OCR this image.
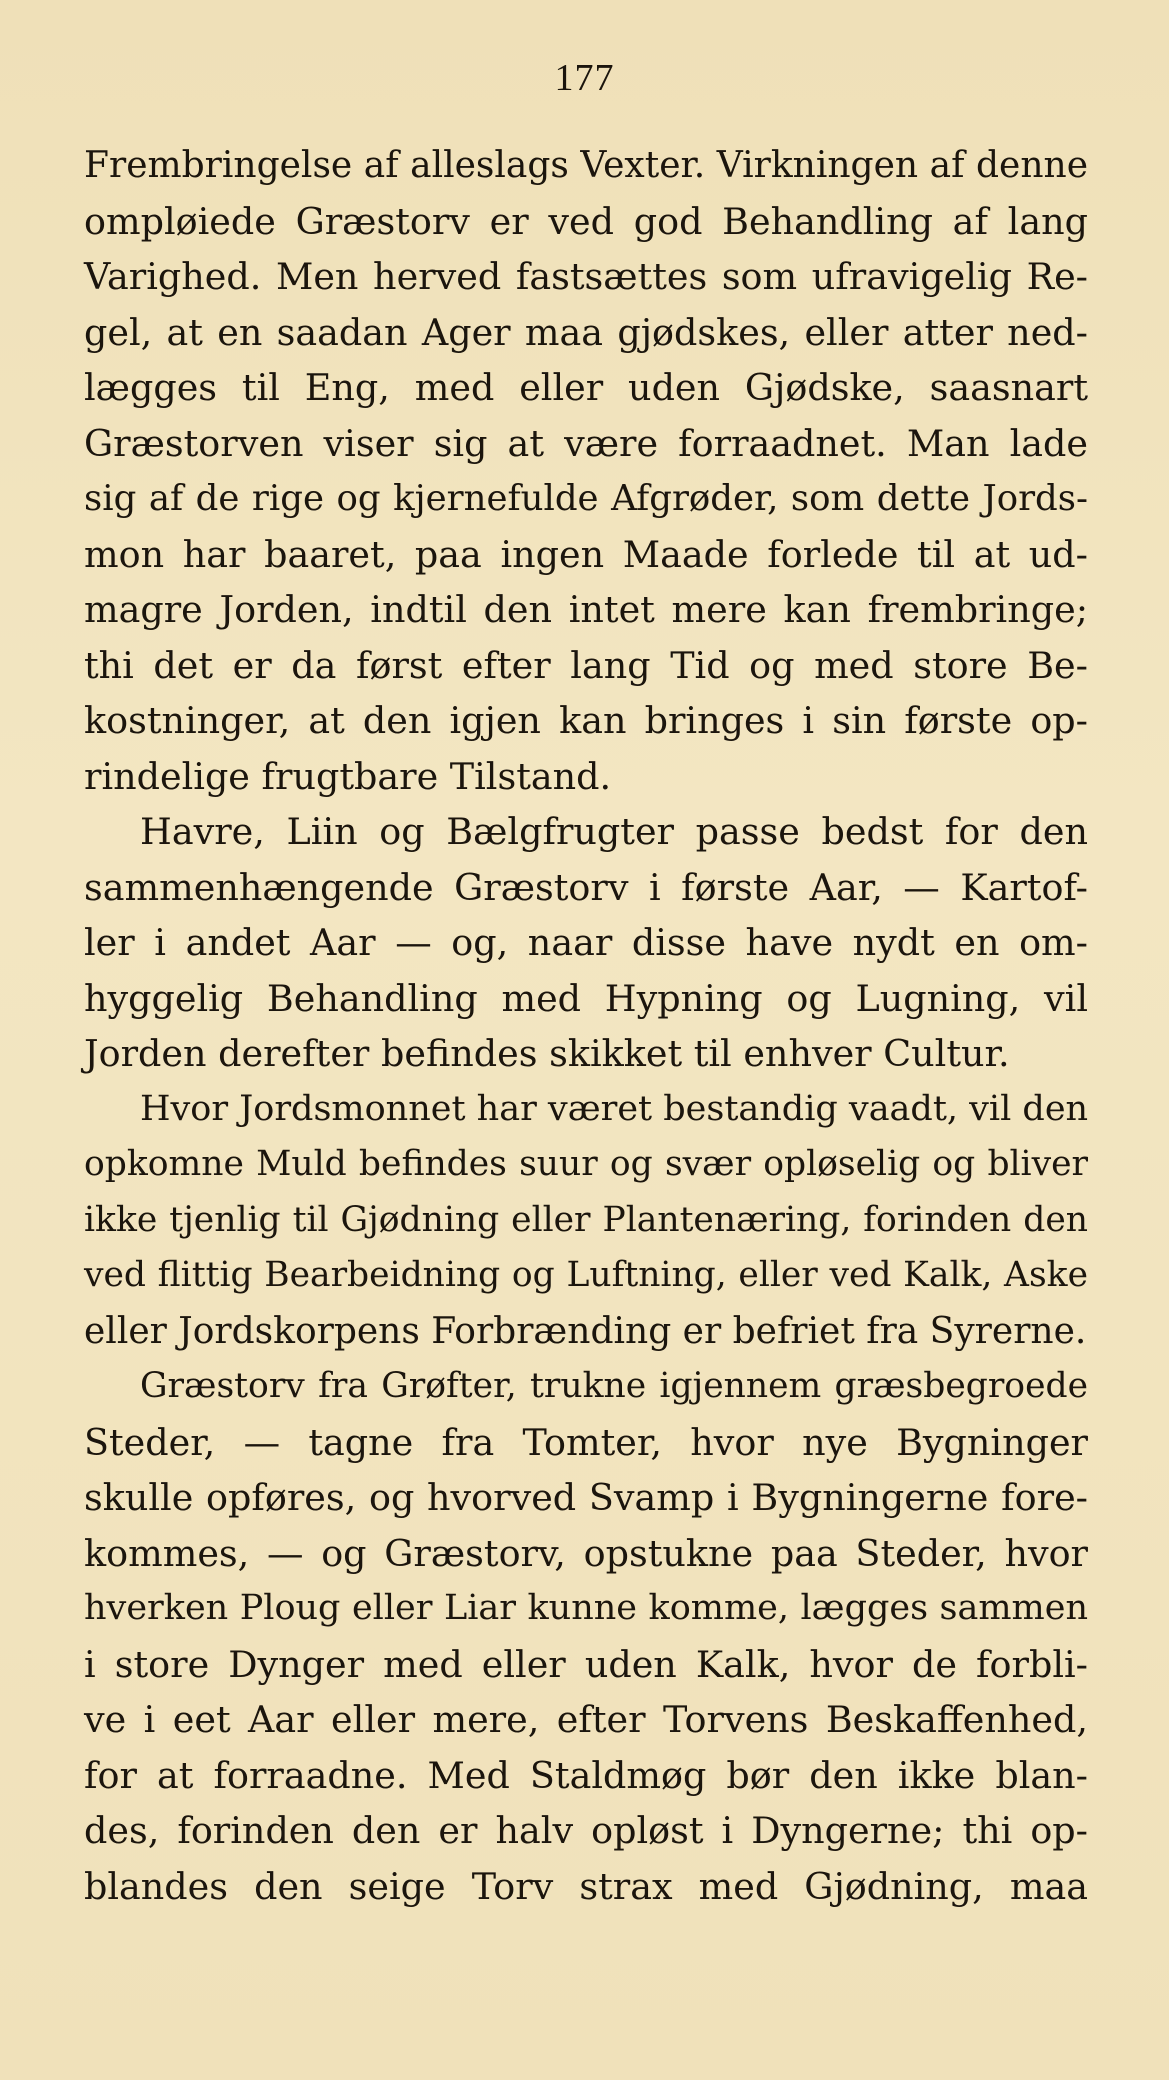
177
Frembringelse af alleslags Vexter. Virkningen af denne
ompløiede Græstorv er ved god Behandling af lang
Varighed. Men herved fastsættes som ufravigelig Re-
gel, at en saadan Ager maa gjødskes, eller atter ned-
lægges til Eng, med eller uden Gjødske, saasnart
Græstorven viser sig at være forraadnet. Man lade
sig af de rige og kjernefulde Afgrøder, som dette Jords-
mon har baaret, paa ingen Maade forlede til at ud-
magre Jorden, indtil den intet mere kan frembringe;
thi det er da først efter lang Tid og med store Be-
kostninger, at den igjen kan bringes i sin første op-
rindelige frugtbare Tilstand.
Havre, Liin og Bælgfrugter passe bedst for den
sammenhængende Græstorv i første Aar, — Kartof-
ler i andet Aar — og, naar disse have nydt en om-
hyggelig Behandling med Hypning og Lugning, vil
Jorden derefter befindes skikket til enhver Cultur.
Hvor Jordsmonnet har været bestandig vaadt, vil den
opkomne Muld befindes suur og svær opløselig og bliver
ikke tjenlig til Gjødning eller Plantenæring, forinden den
ved flittig Bearbeidning og Luftning, eller ved Kalk, Aske
eller Jordskorpens Forbrænding er befriet fra Syrerne.
Græstorv fra Grøfter, trukne igjennem græsbegroede
Steder, — tagne fra Tomter, hvor nye Bygninger
skulle opføres, og hvorved Svamp i Bygningerne fore-
kommes, — og Græstorv, opstukne paa Steder, hvor
hverken Ploug eller Liar kunne komme, lægges sammen
i store Dynger med eller uden Kalk, hvor de forbli-
ve i eet Aar eller mere, efter Torvens Beskaffenhed,
for at forraadne. Med Staldmøg bør den ikke blan-
des, forinden den er halv opløst i Dyngerne; thi op-
blandes den seige Torv strax med Gjødning, maa
